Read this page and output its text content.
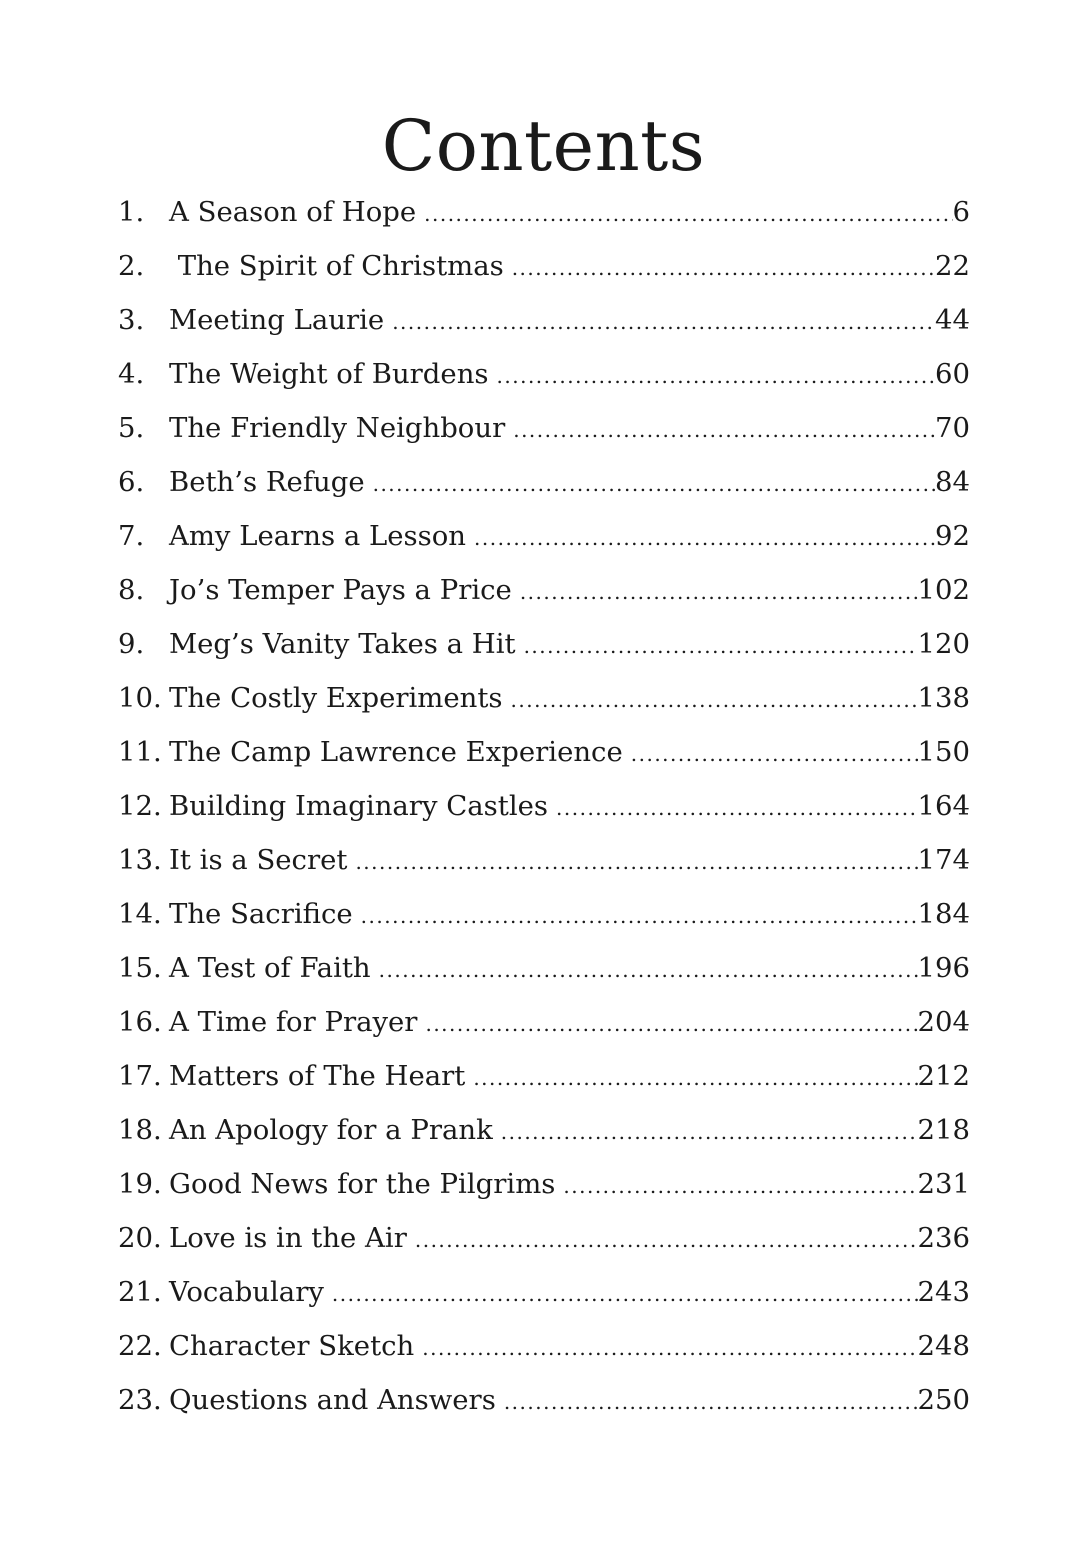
Contents
1. A Season of Hope .....	6
2. The Spirit of Christmas .....	22
3. Meeting Laurie .....	44
4. The Weight of Burdens .....	60
5. The Friendly Neighbour .....	70
6. Beth’s Refuge .....	84
7. Amy Learns a Lesson .....	92
8. Jo’s Temper Pays a Price .....	102
9. Meg’s Vanity Takes a Hit .....	120
10. The Costly Experiments .....	138
11. The Camp Lawrence Experience .....	150
12. Building Imaginary Castles .....	164
13. It is a Secret .....	174
14. The Sacrifice .....	184
15. A Test of Faith .....	196
16. A Time for Prayer .....	204
17. Matters of The Heart .....	212
18. An Apology for a Prank .....	218
19. Good News for the Pilgrims .....	231
20. Love is in the Air .....	236
21. Vocabulary .....	243
22. Character Sketch .....	248
23. Questions and Answers .....	250
